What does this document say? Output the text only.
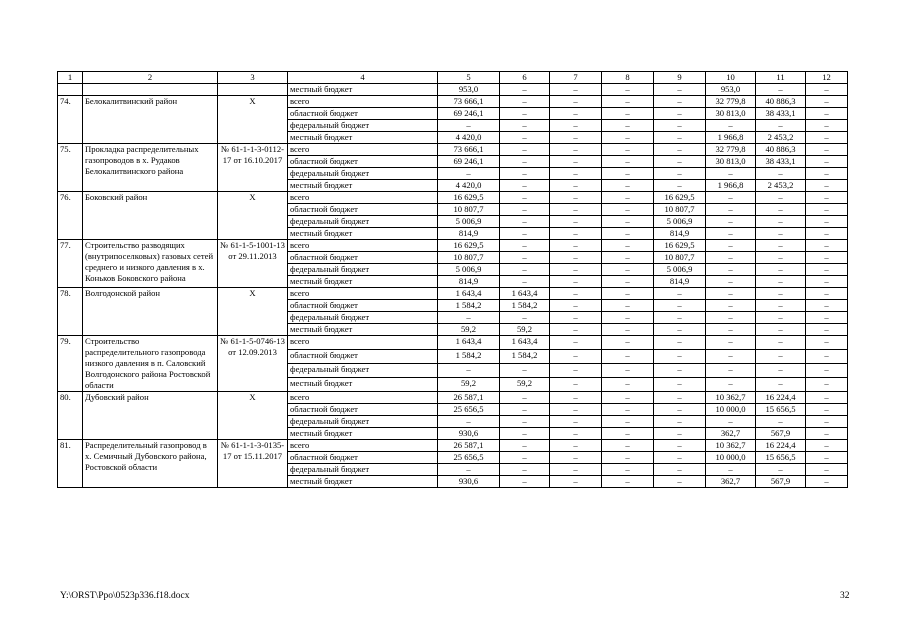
1	2	3	4	5	6	7	8	9	10	11	12
			местный бюджет	953,0	–	–	–	–	953,0	–	–
74.	Белокалитвинский район	Х	всего	73 666,1	–	–	–	–	32 779,8	40 886,3	–
			областной бюджет	69 246,1	–	–	–	–	30 813,0	38 433,1	–
			федеральный бюджет	–	–	–	–	–	–	–	–
			местный бюджет	4 420,0	–	–	–	–	1 966,8	2 453,2	–
75.	Прокладка распределительных газопроводов в х. Рудаков Белокалитвинского района	№ 61-1-1-3-0112-17 от 16.10.2017	всего	73 666,1	–	–	–	–	32 779,8	40 886,3	–
			областной бюджет	69 246,1	–	–	–	–	30 813,0	38 433,1	–
			федеральный бюджет	–	–	–	–	–	–	–	–
			местный бюджет	4 420,0	–	–	–	–	1 966,8	2 453,2	–
76.	Боковский район	Х	всего	16 629,5	–	–	–	16 629,5	–	–	–
			областной бюджет	10 807,7	–	–	–	10 807,7	–	–	–
			федеральный бюджет	5 006,9	–	–	–	5 006,9	–	–	–
			местный бюджет	814,9	–	–	–	814,9	–	–	–
77.	Строительство разводящих (внутрипоселковых) газовых сетей среднего и низкого давления в х. Коньков Боковского района	№ 61-1-5-1001-13 от 29.11.2013	всего	16 629,5	–	–	–	16 629,5	–	–	–
			областной бюджет	10 807,7	–	–	–	10 807,7	–	–	–
			федеральный бюджет	5 006,9	–	–	–	5 006,9	–	–	–
			местный бюджет	814,9	–	–	–	814,9	–	–	–
78.	Волгодонской район	Х	всего	1 643,4	1 643,4	–	–	–	–	–	–
			областной бюджет	1 584,2	1 584,2	–	–	–	–	–	–
			федеральный бюджет	–	–	–	–	–	–	–	–
			местный бюджет	59,2	59,2	–	–	–	–	–	–
79.	Строительство распределительного газопровода низкого давления в п. Саловский Волгодонского района Ростовской области	№ 61-1-5-0746-13 от 12.09.2013	всего	1 643,4	1 643,4	–	–	–	–	–	–
			областной бюджет	1 584,2	1 584,2	–	–	–	–	–	–
			федеральный бюджет	–	–	–	–	–	–	–	–
			местный бюджет	59,2	59,2	–	–	–	–	–	–
80.	Дубовский район	Х	всего	26 587,1	–	–	–	–	10 362,7	16 224,4	–
			областной бюджет	25 656,5	–	–	–	–	10 000,0	15 656,5	–
			федеральный бюджет	–	–	–	–	–	–	–	–
			местный бюджет	930,6	–	–	–	–	362,7	567,9	–
81.	Распределительный газопровод в х. Семичный Дубовского района, Ростовской области	№ 61-1-1-3-0135-17 от 15.11.2017	всего	26 587,1	–	–	–	–	10 362,7	16 224,4	–
			областной бюджет	25 656,5	–	–	–	–	10 000,0	15 656,5	–
			федеральный бюджет	–	–	–	–	–	–	–	–
			местный бюджет	930,6	–	–	–	–	362,7	567,9	–
Y:\ORST\Ppo\0523p336.f18.docx	32
